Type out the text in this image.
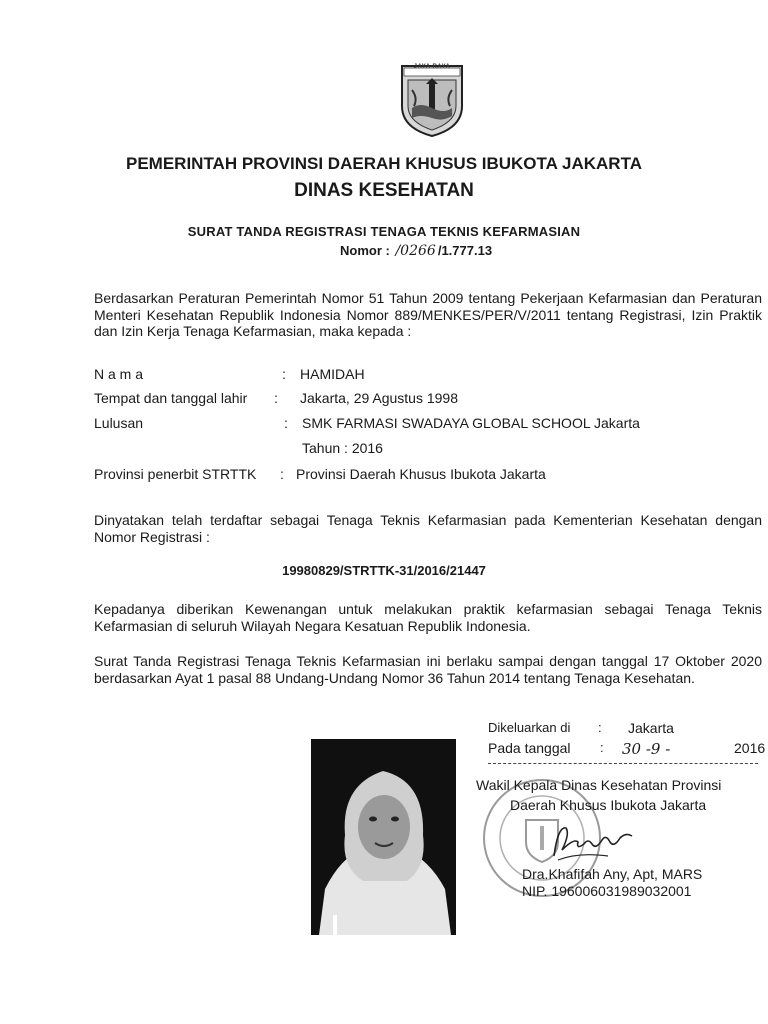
JAYA RAYA
PEMERINTAH PROVINSI DAERAH KHUSUS IBUKOTA JAKARTA
DINAS KESEHATAN
SURAT TANDA REGISTRASI TENAGA TEKNIS KEFARMASIAN
Nomor : /0266 /1.777.13
Berdasarkan Peraturan Pemerintah Nomor 51 Tahun 2009 tentang Pekerjaan Kefarmasian dan Peraturan Menteri Kesehatan Republik Indonesia Nomor 889/MENKES/PER/V/2011 tentang Registrasi, Izin Praktik dan Izin Kerja Tenaga Kefarmasian, maka kepada :
N a m a	: HAMIDAH
Tempat dan tanggal lahir : Jakarta, 29 Agustus 1998
Lulusan	: SMK FARMASI SWADAYA GLOBAL SCHOOL Jakarta
Tahun : 2016
Provinsi penerbit STRTTK : Provinsi Daerah Khusus Ibukota Jakarta
Dinyatakan telah terdaftar sebagai Tenaga Teknis Kefarmasian pada Kementerian Kesehatan dengan Nomor Registrasi :
19980829/STRTTK-31/2016/21447
Kepadanya diberikan Kewenangan untuk melakukan praktik kefarmasian sebagai Tenaga Teknis Kefarmasian di seluruh Wilayah Negara Kesatuan Republik Indonesia.
Surat Tanda Registrasi Tenaga Teknis Kefarmasian ini berlaku sampai dengan tanggal 17 Oktober 2020 berdasarkan Ayat 1 pasal 88 Undang-Undang Nomor 36 Tahun 2014 tentang Tenaga Kesehatan.
Dikeluarkan di : Jakarta
Pada tanggal : 30 -9 -	2016
Wakil Kepala Dinas Kesehatan Provinsi
Daerah Khusus Ibukota Jakarta
Dra.Khafifah Any, Apt, MARS
NIP. 196006031989032001
